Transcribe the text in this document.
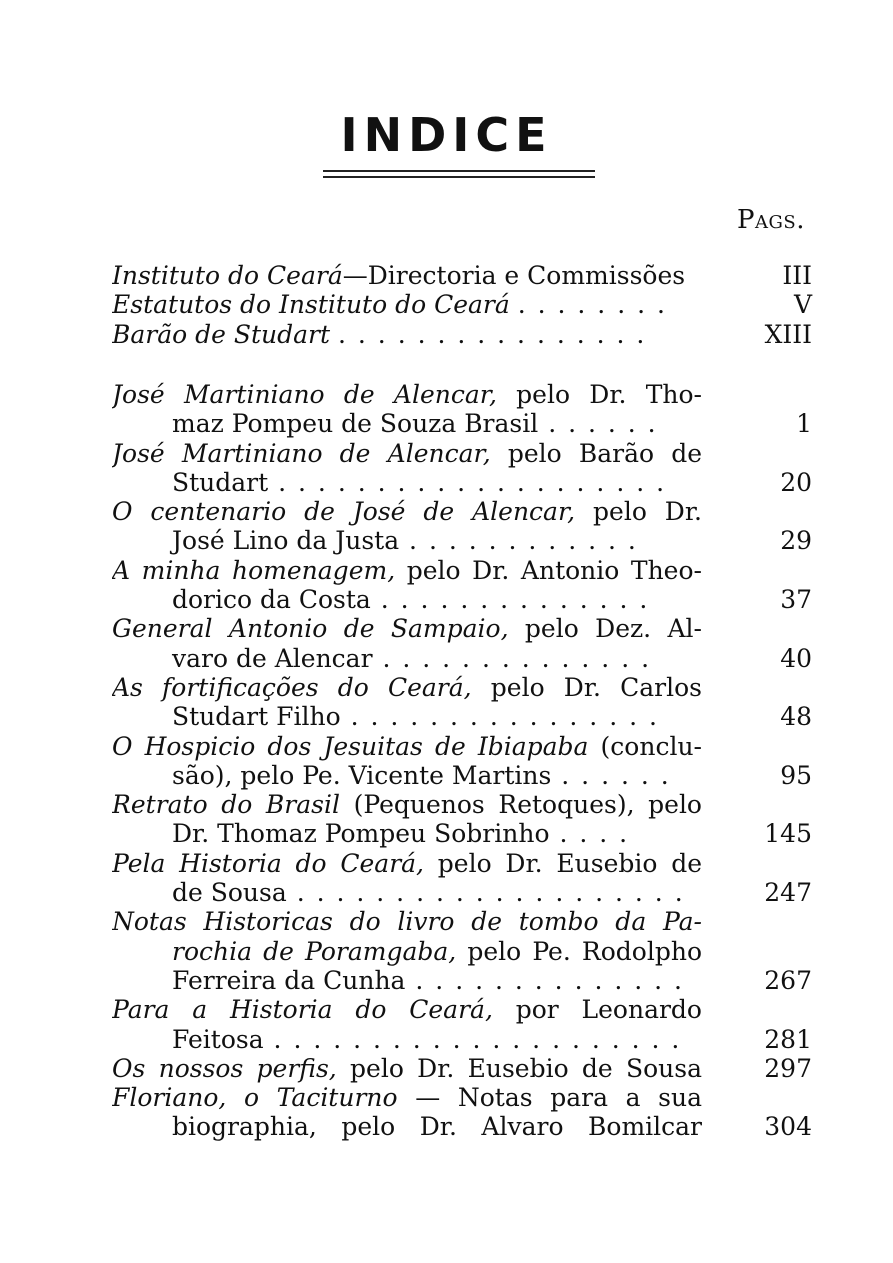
INDICE
Pags.
Instituto do Ceará—Directoria e Commissões	III
Estatutos do Instituto do Ceará . . . . . . . .	V
Barão de Studart . . . . . . . . . . . . . . . .	XIII
José Martiniano de Alencar, pelo Dr. Tho-
maz Pompeu de Souza Brasil . . . . . .	1
José Martiniano de Alencar, pelo Barão de
Studart . . . . . . . . . . . . . . . . . . . .	20
O centenario de José de Alencar, pelo Dr.
José Lino da Justa . . . . . . . . . . . .	29
A minha homenagem, pelo Dr. Antonio Theo-
dorico da Costa . . . . . . . . . . . . . .	37
General Antonio de Sampaio, pelo Dez. Al-
varo de Alencar . . . . . . . . . . . . . .	40
As fortificações do Ceará, pelo Dr. Carlos
Studart Filho . . . . . . . . . . . . . . . .	48
O Hospicio dos Jesuitas de Ibiapaba (conclu-
são), pelo Pe. Vicente Martins . . . . . .	95
Retrato do Brasil (Pequenos Retoques), pelo
Dr. Thomaz Pompeu Sobrinho . . . .	145
Pela Historia do Ceará, pelo Dr. Eusebio de
de Sousa . . . . . . . . . . . . . . . . . . . .	247
Notas Historicas do livro de tombo da Pa-
rochia de Poramgaba, pelo Pe. Rodolpho
Ferreira da Cunha . . . . . . . . . . . . . .	267
Para a Historia do Ceará, por Leonardo
Feitosa . . . . . . . . . . . . . . . . . . . . .	281
Os nossos perfis, pelo Dr. Eusebio de Sousa	297
Floriano, o Taciturno — Notas para a sua
biographia, pelo Dr. Alvaro Bomilcar	304
